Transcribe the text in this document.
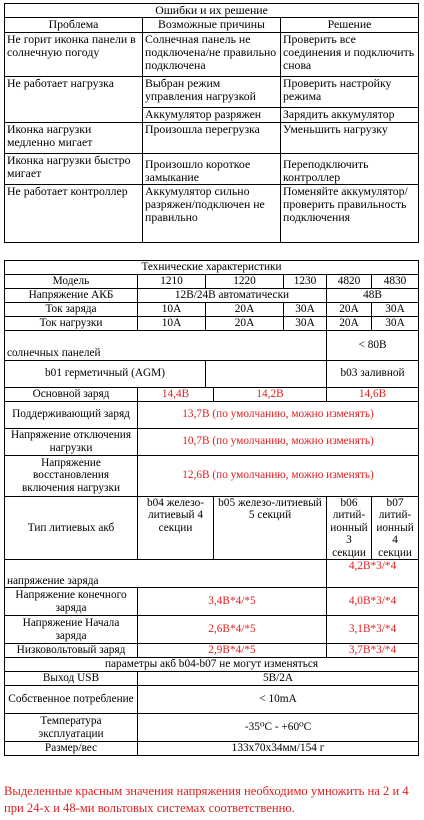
Ошибки и их решение		
Проблема	Возможные причины	Решение
Не горит иконка панели в солнечную погоду	Солнечная панель не подключена/не правильно подключена	Проверить все соединения и подключить снова
Не работает нагрузка	Выбран режим управления нагрузкой	Проверить настройку режима
	Аккумулятор разряжен	Зарядить аккумулятор
Иконка нагрузки медленно мигает	Произошла перегрузка	Уменьшить нагрузку
Иконка нагрузки быстро мигает	Произошло короткое замыкание	Переподключить контроллер
Не работает контроллер	Аккумулятор сильно разряжен/подключен не правильно	Поменяйте аккумулятор/проверить правильность подключения
Технические характеристики						
Модель	1210	1220		1230	4820	4830
Напряжение АКБ	12В/24В автоматически				48В	
Ток заряда	10A	20A		30A	20A	30A
Ток нагрузки	10A	20A		30A	20A	30A
солнечных панелей					< 80В	
b01 герметичный (AGM)					b03 заливной	
Основной заряд	14,4В		14,2В		14,6В	
Поддерживающий заряд	13,7В (по умолчанию, можно изменять)					
Напряжение отключения нагрузки	10,7В (по умолчанию, можно изменять)					
Напряжение восстановления включения нагрузки	12,6В (по умолчанию, можно изменять)					
Тип литиевых акб	b04 железо-литиевый 4 секции		b05 железо-литиевый 5 секций		b06 литий-ионный 3 секции	b07 литий-ионный 4 секции
напряжение заряда					4,2В*3/*4	
Напряжение конечного заряда	3,4В*4/*5				4,0В*3/*4	
Напряжение Начала заряда	2,6В*4/*5				3,1В*3/*4	
Низковольтовый заряд	2,9В*4/*5				3,7В*3/*4	
параметры акб b04-b07 не могут изменяться						
Выход USB	5В/2А					
Собственное потребление	< 10mA					
Температура эксплуатации	-35⁰C - +60⁰C					
Размер/вес	133x70x34мм/154 г					
Выделенные красным значения напряжения необходимо умножить на 2 и 4 при 24-х и 48-ми вольтовых системах соответственно.
